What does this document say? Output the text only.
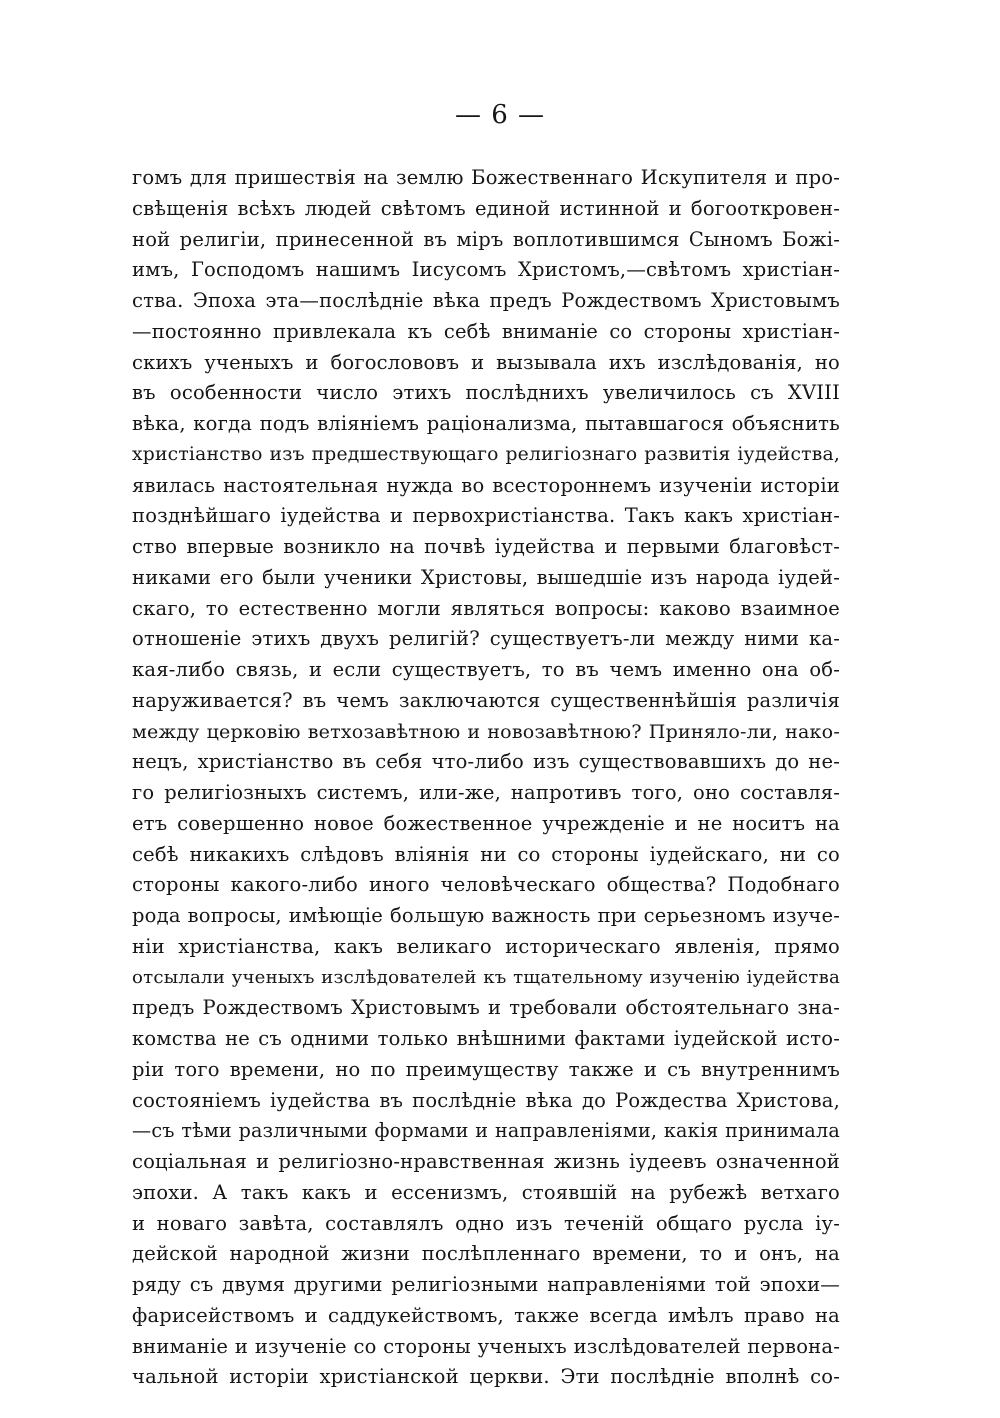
— 6 —
гомъ для пришествія на землю Божественнаго Искупителя и про-
свѣщенія всѣхъ людей свѣтомъ единой истинной и богооткровен-
ной религіи, принесенной въ міръ воплотившимся Сыномъ Божі-
имъ, Господомъ нашимъ Іисусомъ Христомъ,—свѣтомъ христіан-
ства. Эпоха эта—послѣдніе вѣка предъ Рождествомъ Христовымъ
—постоянно привлекала къ себѣ вниманіе со стороны христіан-
скихъ ученыхъ и богослововъ и вызывала ихъ изслѣдованія, но
въ особенности число этихъ послѣднихъ увеличилось съ XVIII
вѣка, когда подъ вліяніемъ раціонализма, пытавшагося объяснить
христіанство изъ предшествующаго религіознаго развитія іудейства,
явилась настоятельная нужда во всестороннемъ изученіи исторіи
позднѣйшаго іудейства и первохристіанства. Такъ какъ христіан-
ство впервые возникло на почвѣ іудейства и первыми благовѣст-
никами его были ученики Христовы, вышедшіе изъ народа іудей-
скаго, то естественно могли являться вопросы: каково взаимное
отношеніе этихъ двухъ религій? существуетъ-ли между ними ка-
кая-либо связь, и если существуетъ, то въ чемъ именно она об-
наруживается? въ чемъ заключаются существеннѣйшія различія
между церковію ветхозавѣтною и новозавѣтною? Приняло-ли, нако-
нецъ, христіанство въ себя что-либо изъ существовавшихъ до не-
го религіозныхъ системъ, или-же, напротивъ того, оно составля-
етъ совершенно новое божественное учрежденіе и не носитъ на
себѣ никакихъ слѣдовъ вліянія ни со стороны іудейскаго, ни со
стороны какого-либо иного человѣческаго общества? Подобнаго
рода вопросы, имѣющіе большую важность при серьезномъ изуче-
ніи христіанства, какъ великаго историческаго явленія, прямо
отсылали ученыхъ изслѣдователей къ тщательному изученію іудейства
предъ Рождествомъ Христовымъ и требовали обстоятельнаго зна-
комства не съ одними только внѣшними фактами іудейской исто-
ріи того времени, но по преимуществу также и съ внутреннимъ
состояніемъ іудейства въ послѣдніе вѣка до Рождества Христова,
—съ тѣми различными формами и направленіями, какія принимала
соціальная и религіозно-нравственная жизнь іудеевъ означенной
эпохи. А такъ какъ и ессенизмъ, стоявшій на рубежѣ ветхаго
и новаго завѣта, составлялъ одно изъ теченій общаго русла іу-
дейской народной жизни послѣпленнаго времени, то и онъ, на
ряду съ двумя другими религіозными направленіями той эпохи—
фарисействомъ и саддукействомъ, также всегда имѣлъ право на
вниманіе и изученіе со стороны ученыхъ изслѣдователей первона-
чальной исторіи христіанской церкви. Эти послѣдніе вполнѣ со-
